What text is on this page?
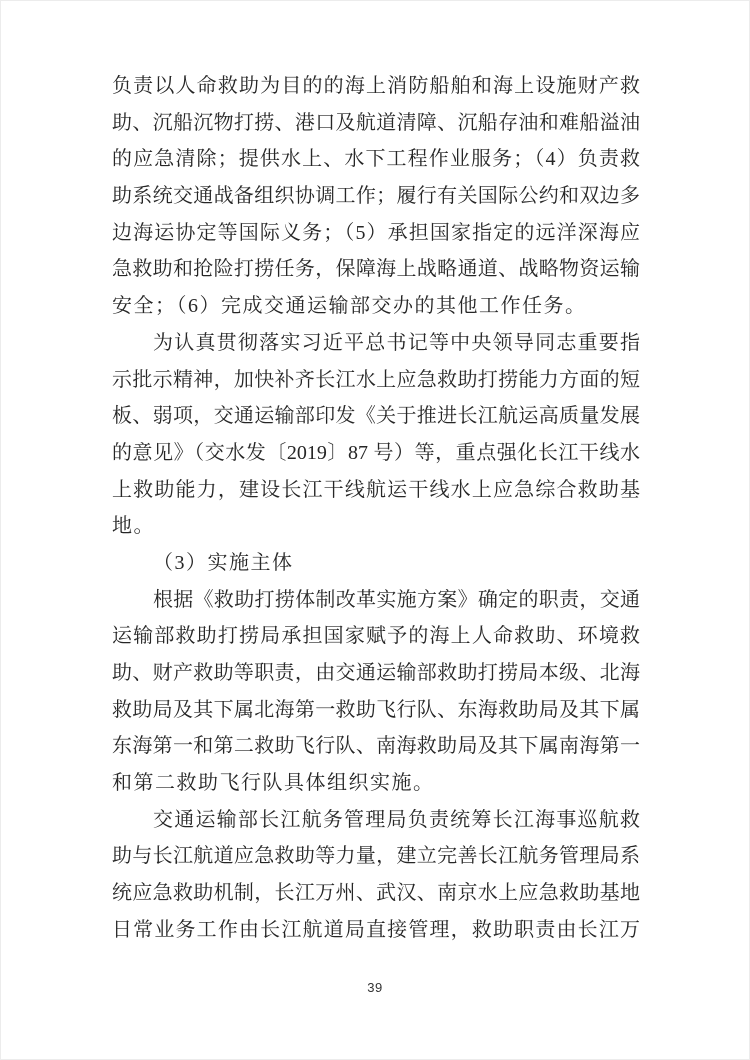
负责以人命救助为目的的海上消防船舶和海上设施财产救
助、沉船沉物打捞、港口及航道清障、沉船存油和难船溢油
的应急清除；提供水上、水下工程作业服务；（4）负责救
助系统交通战备组织协调工作；履行有关国际公约和双边多
边海运协定等国际义务；（5）承担国家指定的远洋深海应
急救助和抢险打捞任务，保障海上战略通道、战略物资运输
安全；（6）完成交通运输部交办的其他工作任务。
为认真贯彻落实习近平总书记等中央领导同志重要指
示批示精神，加快补齐长江水上应急救助打捞能力方面的短
板、弱项，交通运输部印发《关于推进长江航运高质量发展
的意见》（交水发〔2019〕87 号）等，重点强化长江干线水
上救助能力，建设长江干线航运干线水上应急综合救助基
地。
（3）实施主体
根据《救助打捞体制改革实施方案》确定的职责，交通
运输部救助打捞局承担国家赋予的海上人命救助、环境救
助、财产救助等职责，由交通运输部救助打捞局本级、北海
救助局及其下属北海第一救助飞行队、东海救助局及其下属
东海第一和第二救助飞行队、南海救助局及其下属南海第一
和第二救助飞行队具体组织实施。
交通运输部长江航务管理局负责统筹长江海事巡航救
助与长江航道应急救助等力量，建立完善长江航务管理局系
统应急救助机制，长江万州、武汉、南京水上应急救助基地
日常业务工作由长江航道局直接管理，救助职责由长江万
39
